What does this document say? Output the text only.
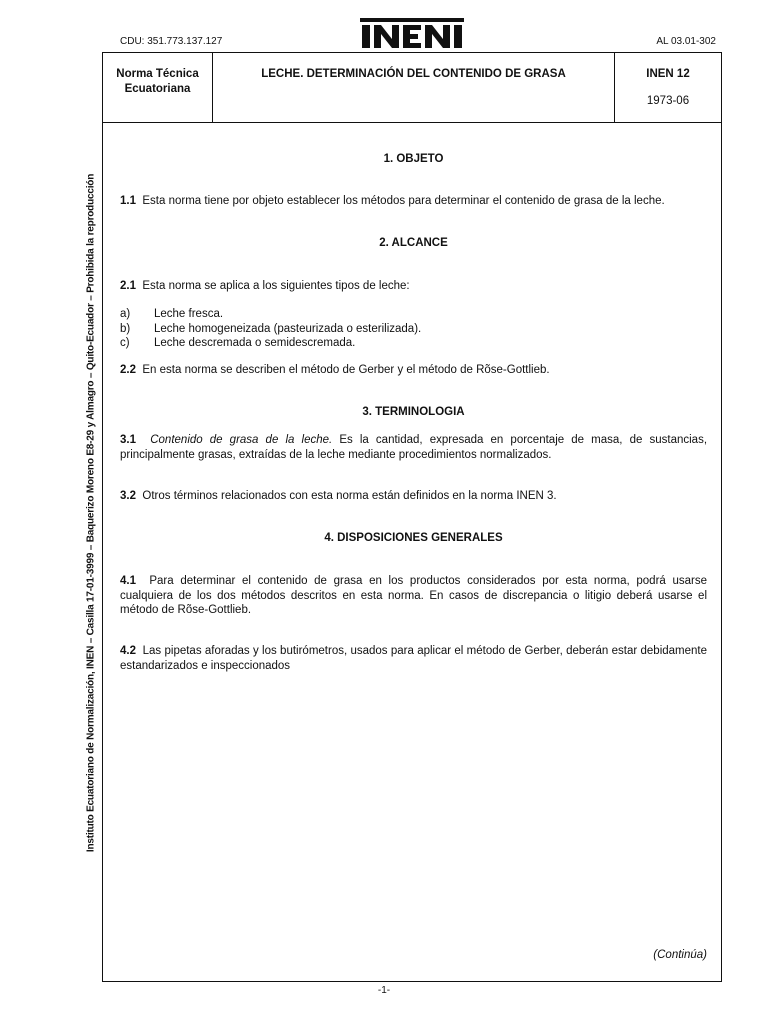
CDU: 351.773.137.127	AL 03.01-302
Instituto Ecuatoriano de Normalización, INEN – Casilla 17-01-3999 – Baquerizo Moreno E8-29 y Almagro – Quito-Ecuador – Prohibida la reproducción
Norma Técnica Ecuatoriana
LECHE. DETERMINACIÓN DEL CONTENIDO DE GRASA	INEN 12
1973-06
1. OBJETO
1.1 Esta norma tiene por objeto establecer los métodos para determinar el contenido de grasa de la leche.
2. ALCANCE
2.1 Esta norma se aplica a los siguientes tipos de leche:
a) Leche fresca.
b) Leche homogeneizada (pasteurizada o esterilizada).
c) Leche descremada o semidescremada.
2.2 En esta norma se describen el método de Gerber y el método de Rõse-Gottlieb.
3. TERMINOLOGIA
3.1 Contenido de grasa de la leche. Es la cantidad, expresada en porcentaje de masa, de sustancias, principalmente grasas, extraídas de la leche mediante procedimientos normalizados.
3.2 Otros términos relacionados con esta norma están definidos en la norma INEN 3.
4. DISPOSICIONES GENERALES
4.1 Para determinar el contenido de grasa en los productos considerados por esta norma, podrá usarse cualquiera de los dos métodos descritos en esta norma. En casos de discrepancia o litigio deberá usarse el método de Rõse-Gottlieb.
4.2 Las pipetas aforadas y los butirómetros, usados para aplicar el método de Gerber, deberán estar debidamente estandarizados e inspeccionados
(Continúa)
-1-
